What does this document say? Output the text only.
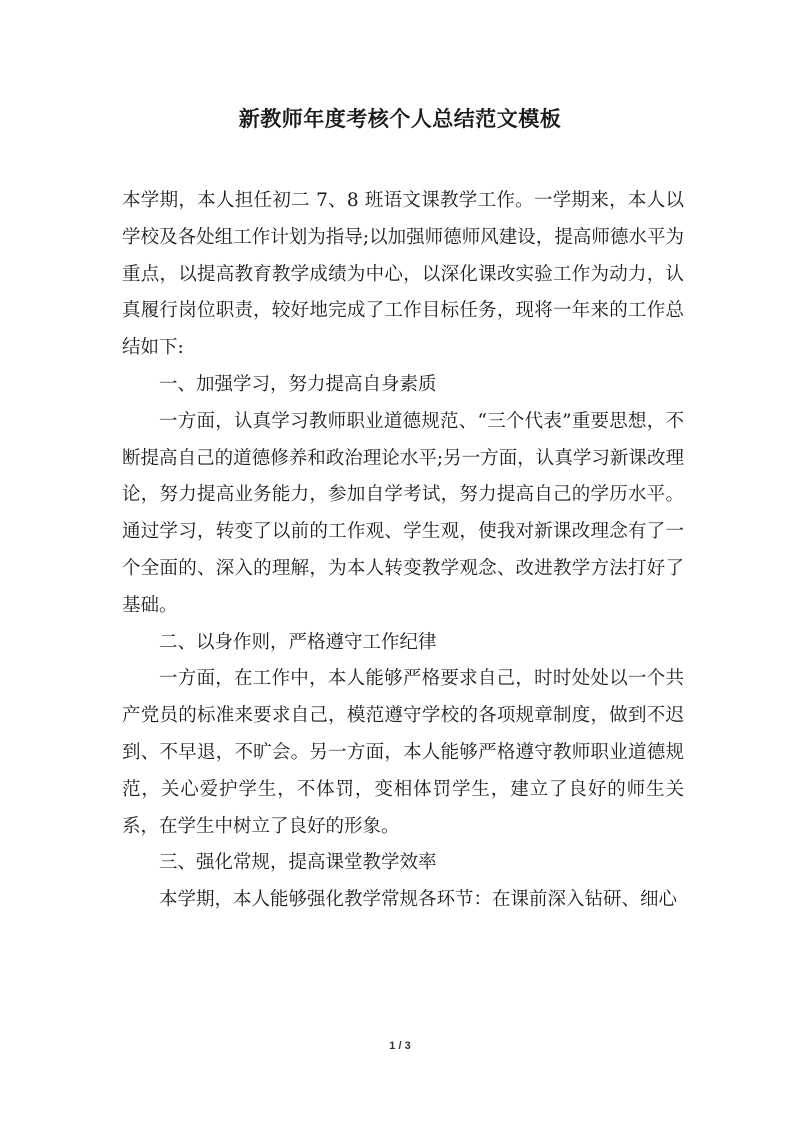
新教师年度考核个人总结范文模板

本学期，本人担任初二 7、8 班语文课教学工作。一学期来，本人以学校及各处组工作计划为指导;以加强师德师风建设，提高师德水平为重点，以提高教育教学成绩为中心，以深化课改实验工作为动力，认真履行岗位职责，较好地完成了工作目标任务，现将一年来的工作总结如下:

一、加强学习，努力提高自身素质

一方面，认真学习教师职业道德规范、“三个代表”重要思想，不断提高自己的道德修养和政治理论水平;另一方面，认真学习新课改理论，努力提高业务能力，参加自学考试，努力提高自己的学历水平。通过学习，转变了以前的工作观、学生观，使我对新课改理念有了一个全面的、深入的理解，为本人转变教学观念、改进教学方法打好了基础。

二、以身作则，严格遵守工作纪律

一方面，在工作中，本人能够严格要求自己，时时处处以一个共产党员的标准来要求自己，模范遵守学校的各项规章制度，做到不迟到、不早退，不旷会。另一方面，本人能够严格遵守教师职业道德规范，关心爱护学生，不体罚，变相体罚学生，建立了良好的师生关系，在学生中树立了良好的形象。

三、强化常规，提高课堂教学效率

本学期，本人能够强化教学常规各环节：在课前深入钻研、细心

1 / 3
